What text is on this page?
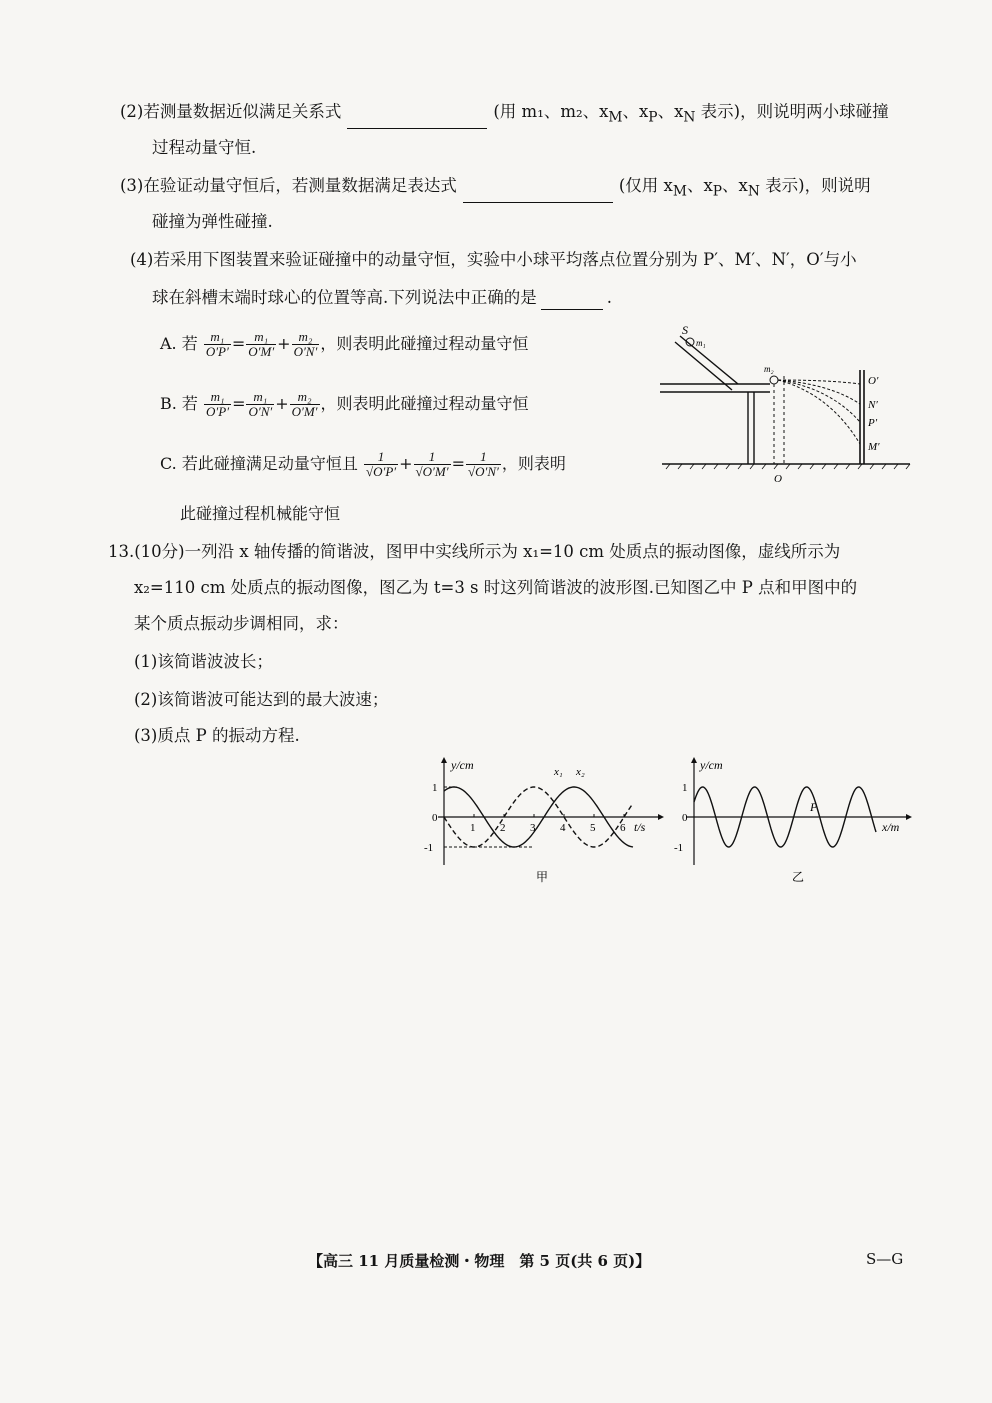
(2)若测量数据近似满足关系式	(用 m₁、m₂、$x_M$、$x_P$、$x_N$ 表示)，则说明两小球碰撞
过程动量守恒.
(3)在验证动量守恒后，若测量数据满足表达式	(仅用 $x_M$、$x_P$、$x_N$ 表示)，则说明
碰撞为弹性碰撞.
(4)若采用下图装置来验证碰撞中的动量守恒，实验中小球平均落点位置分别为 P′、M′、N′，O′与小
球在斜槽末端时球心的位置等高.下列说法中正确的是	.
A. 若 $\frac{\text{m₁}}{O'P'} = \frac{\text{m₁}}{O'M'} + \frac{\text{m₂}}{O'N'}$ ，则表明此碰撞过程动量守恒
B. 若 $\frac{\text{m₁}}{O'P'} = \frac{\text{m₁}}{O'N'} + \frac{\text{m₂}}{O'M'}$ ，则表明此碰撞过程动量守恒
C. 若此碰撞满足动量守恒且 $\frac{1}{√O'P'} + \frac{1}{√O'M'} = \frac{1}{√O'N'}$ ，则表明
此碰撞过程机械能守恒
S
m₁
m₂
O′
N′
P′
M′
O
13.(10分)一列沿 x 轴传播的简谐波，图甲中实线所示为 x₁=10 cm 处质点的振动图像，虚线所示为
x₂=110 cm 处质点的振动图像，图乙为 t=3 s 时这列简谐波的波形图.已知图乙中 P 点和甲图中的
某个质点振动步调相同，求：
(1)该简谐波波长；
(2)该简谐波可能达到的最大波速；
(3)质点 P 的振动方程.
y/cm
t/s
甲
1 2 3 4 5 6
1
0
-1
x₁ x₂	y/cm
x/m
乙
P
1
0
-1
【高三 11 月质量检测・物理　第 5 页(共 6 页)】	S—G
